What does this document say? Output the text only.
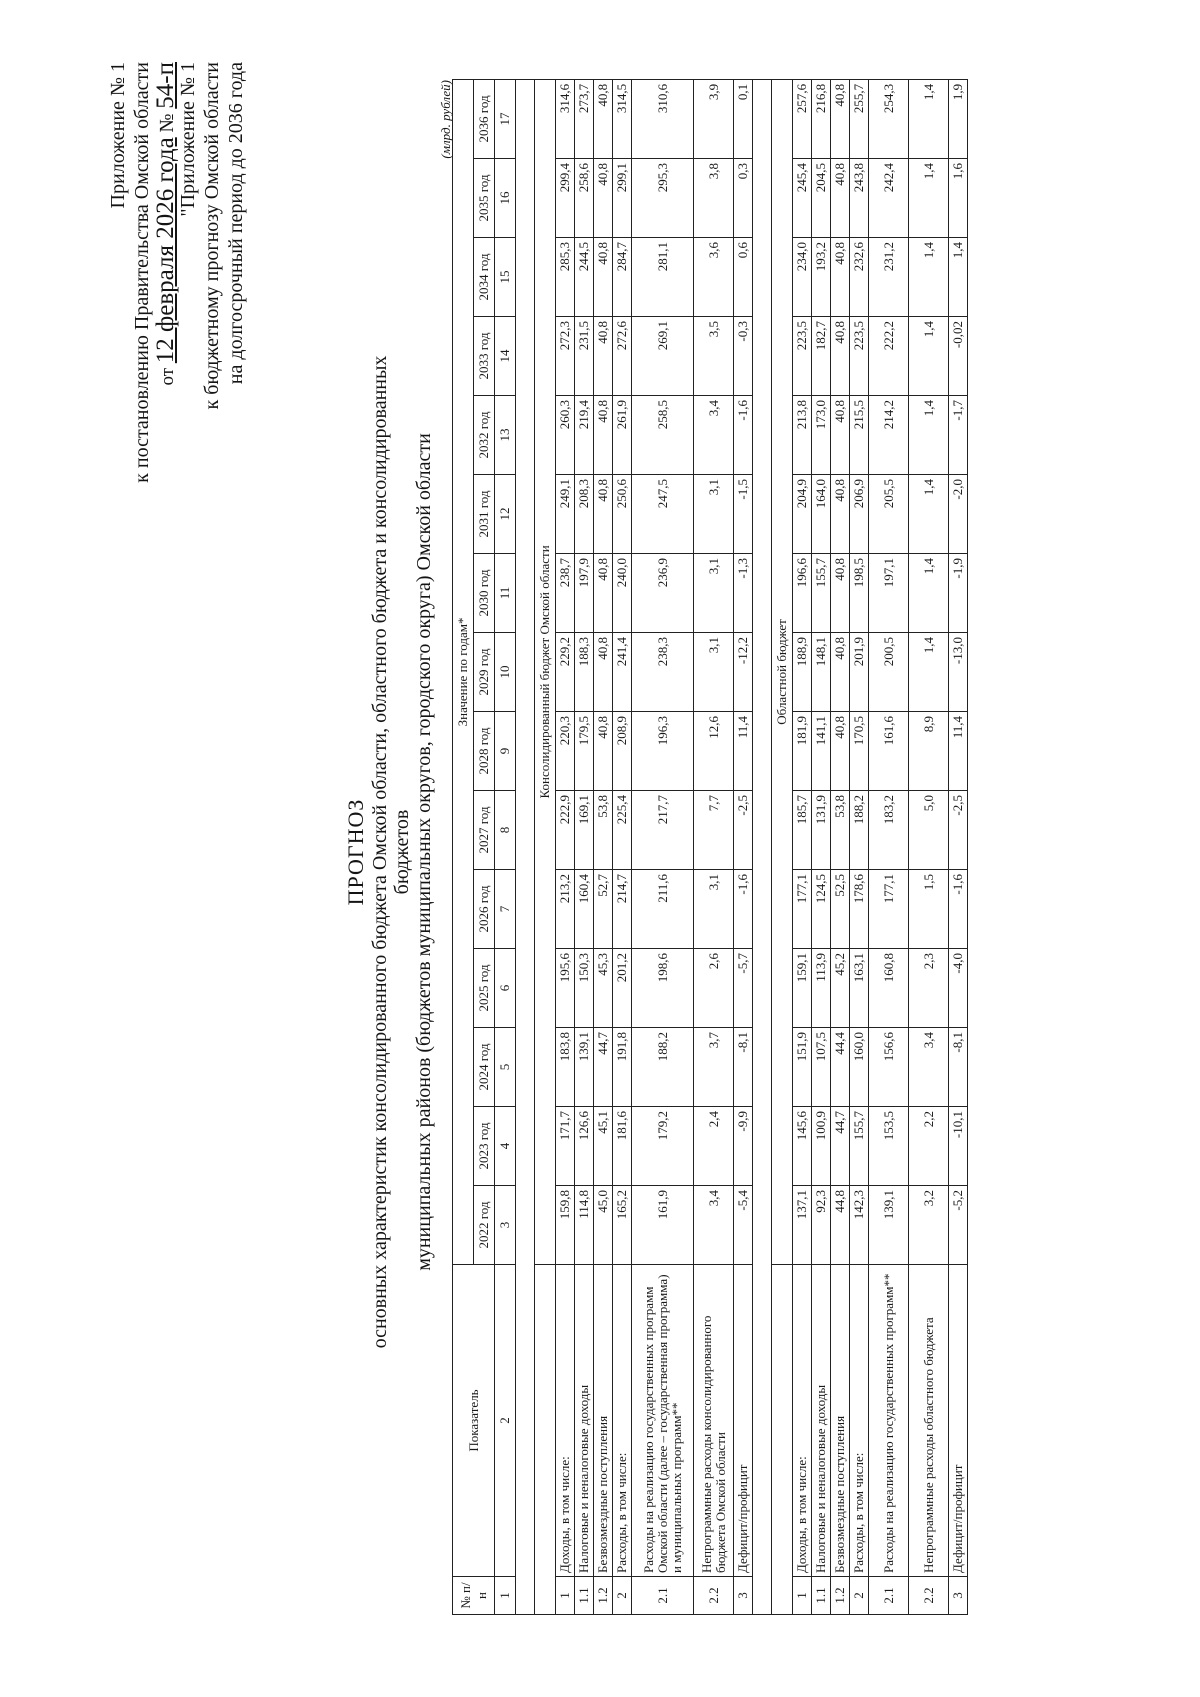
Приложение № 1 к постановлению Правительства Омской области от 12 февраля 2026 года № 54-п
"Приложение № 1 к бюджетному прогнозу Омской области на долгосрочный период до 2036 года
ПРОГНОЗ основных характеристик консолидированного бюджета Омской области, областного бюджета и консолидированных бюджетов муниципальных районов (бюджетов муниципальных округов, городского округа) Омской области
(млрд. рублей)
№ п/н	Показатель	Значение по годам*														
		2022 год	2023 год	2024 год	2025 год	2026 год	2027 год	2028 год	2029 год	2030 год	2031 год	2032 год	2033 год	2034 год	2035 год	2036 год
1	2	3	4	5	6	7	8	9	10	11	12	13	14	15	16	17

		Консолидированный бюджет Омской области														
1	Доходы, в том числе:	159,8	171,7	183,8	195,6	213,2	222,9	220,3	229,2	238,7	249,1	260,3	272,3	285,3	299,4	314,6
1.1	Налоговые и неналоговые доходы	114,8	126,6	139,1	150,3	160,4	169,1	179,5	188,3	197,9	208,3	219,4	231,5	244,5	258,6	273,7
1.2	Безвозмездные поступления	45,0	45,1	44,7	45,3	52,7	53,8	40,8	40,8	40,8	40,8	40,8	40,8	40,8	40,8	40,8
2	Расходы, в том числе:	165,2	181,6	191,8	201,2	214,7	225,4	208,9	241,4	240,0	250,6	261,9	272,6	284,7	299,1	314,5
2.1	Расходы на реализацию государственных программ Омской области (далее – государственная программа) и муниципальных программ**	161,9	179,2	188,2	198,6	211,6	217,7	196,3	238,3	236,9	247,5	258,5	269,1	281,1	295,3	310,6
2.2	Непрограммные расходы консолидированного бюджета Омской области	3,4	2,4	3,7	2,6	3,1	7,7	12,6	3,1	3,1	3,1	3,4	3,5	3,6	3,8	3,9
3	Дефицит/профицит	-5,4	-9,9	-8,1	-5,7	-1,6	-2,5	11,4	-12,2	-1,3	-1,5	-1,6	-0,3	0,6	0,3	0,1

		Областной бюджет														
1	Доходы, в том числе:	137,1	145,6	151,9	159,1	177,1	185,7	181,9	188,9	196,6	204,9	213,8	223,5	234,0	245,4	257,6
1.1	Налоговые и неналоговые доходы	92,3	100,9	107,5	113,9	124,5	131,9	141,1	148,1	155,7	164,0	173,0	182,7	193,2	204,5	216,8
1.2	Безвозмездные поступления	44,8	44,7	44,4	45,2	52,5	53,8	40,8	40,8	40,8	40,8	40,8	40,8	40,8	40,8	40,8
2	Расходы, в том числе:	142,3	155,7	160,0	163,1	178,6	188,2	170,5	201,9	198,5	206,9	215,5	223,5	232,6	243,8	255,7
2.1	Расходы на реализацию государственных программ**	139,1	153,5	156,6	160,8	177,1	183,2	161,6	200,5	197,1	205,5	214,2	222,2	231,2	242,4	254,3
2.2	Непрограммные расходы областного бюджета	3,2	2,2	3,4	2,3	1,5	5,0	8,9	1,4	1,4	1,4	1,4	1,4	1,4	1,4	1,4
3	Дефицит/профицит	-5,2	-10,1	-8,1	-4,0	-1,6	-2,5	11,4	-13,0	-1,9	-2,0	-1,7	-0,02	1,4	1,6	1,9
